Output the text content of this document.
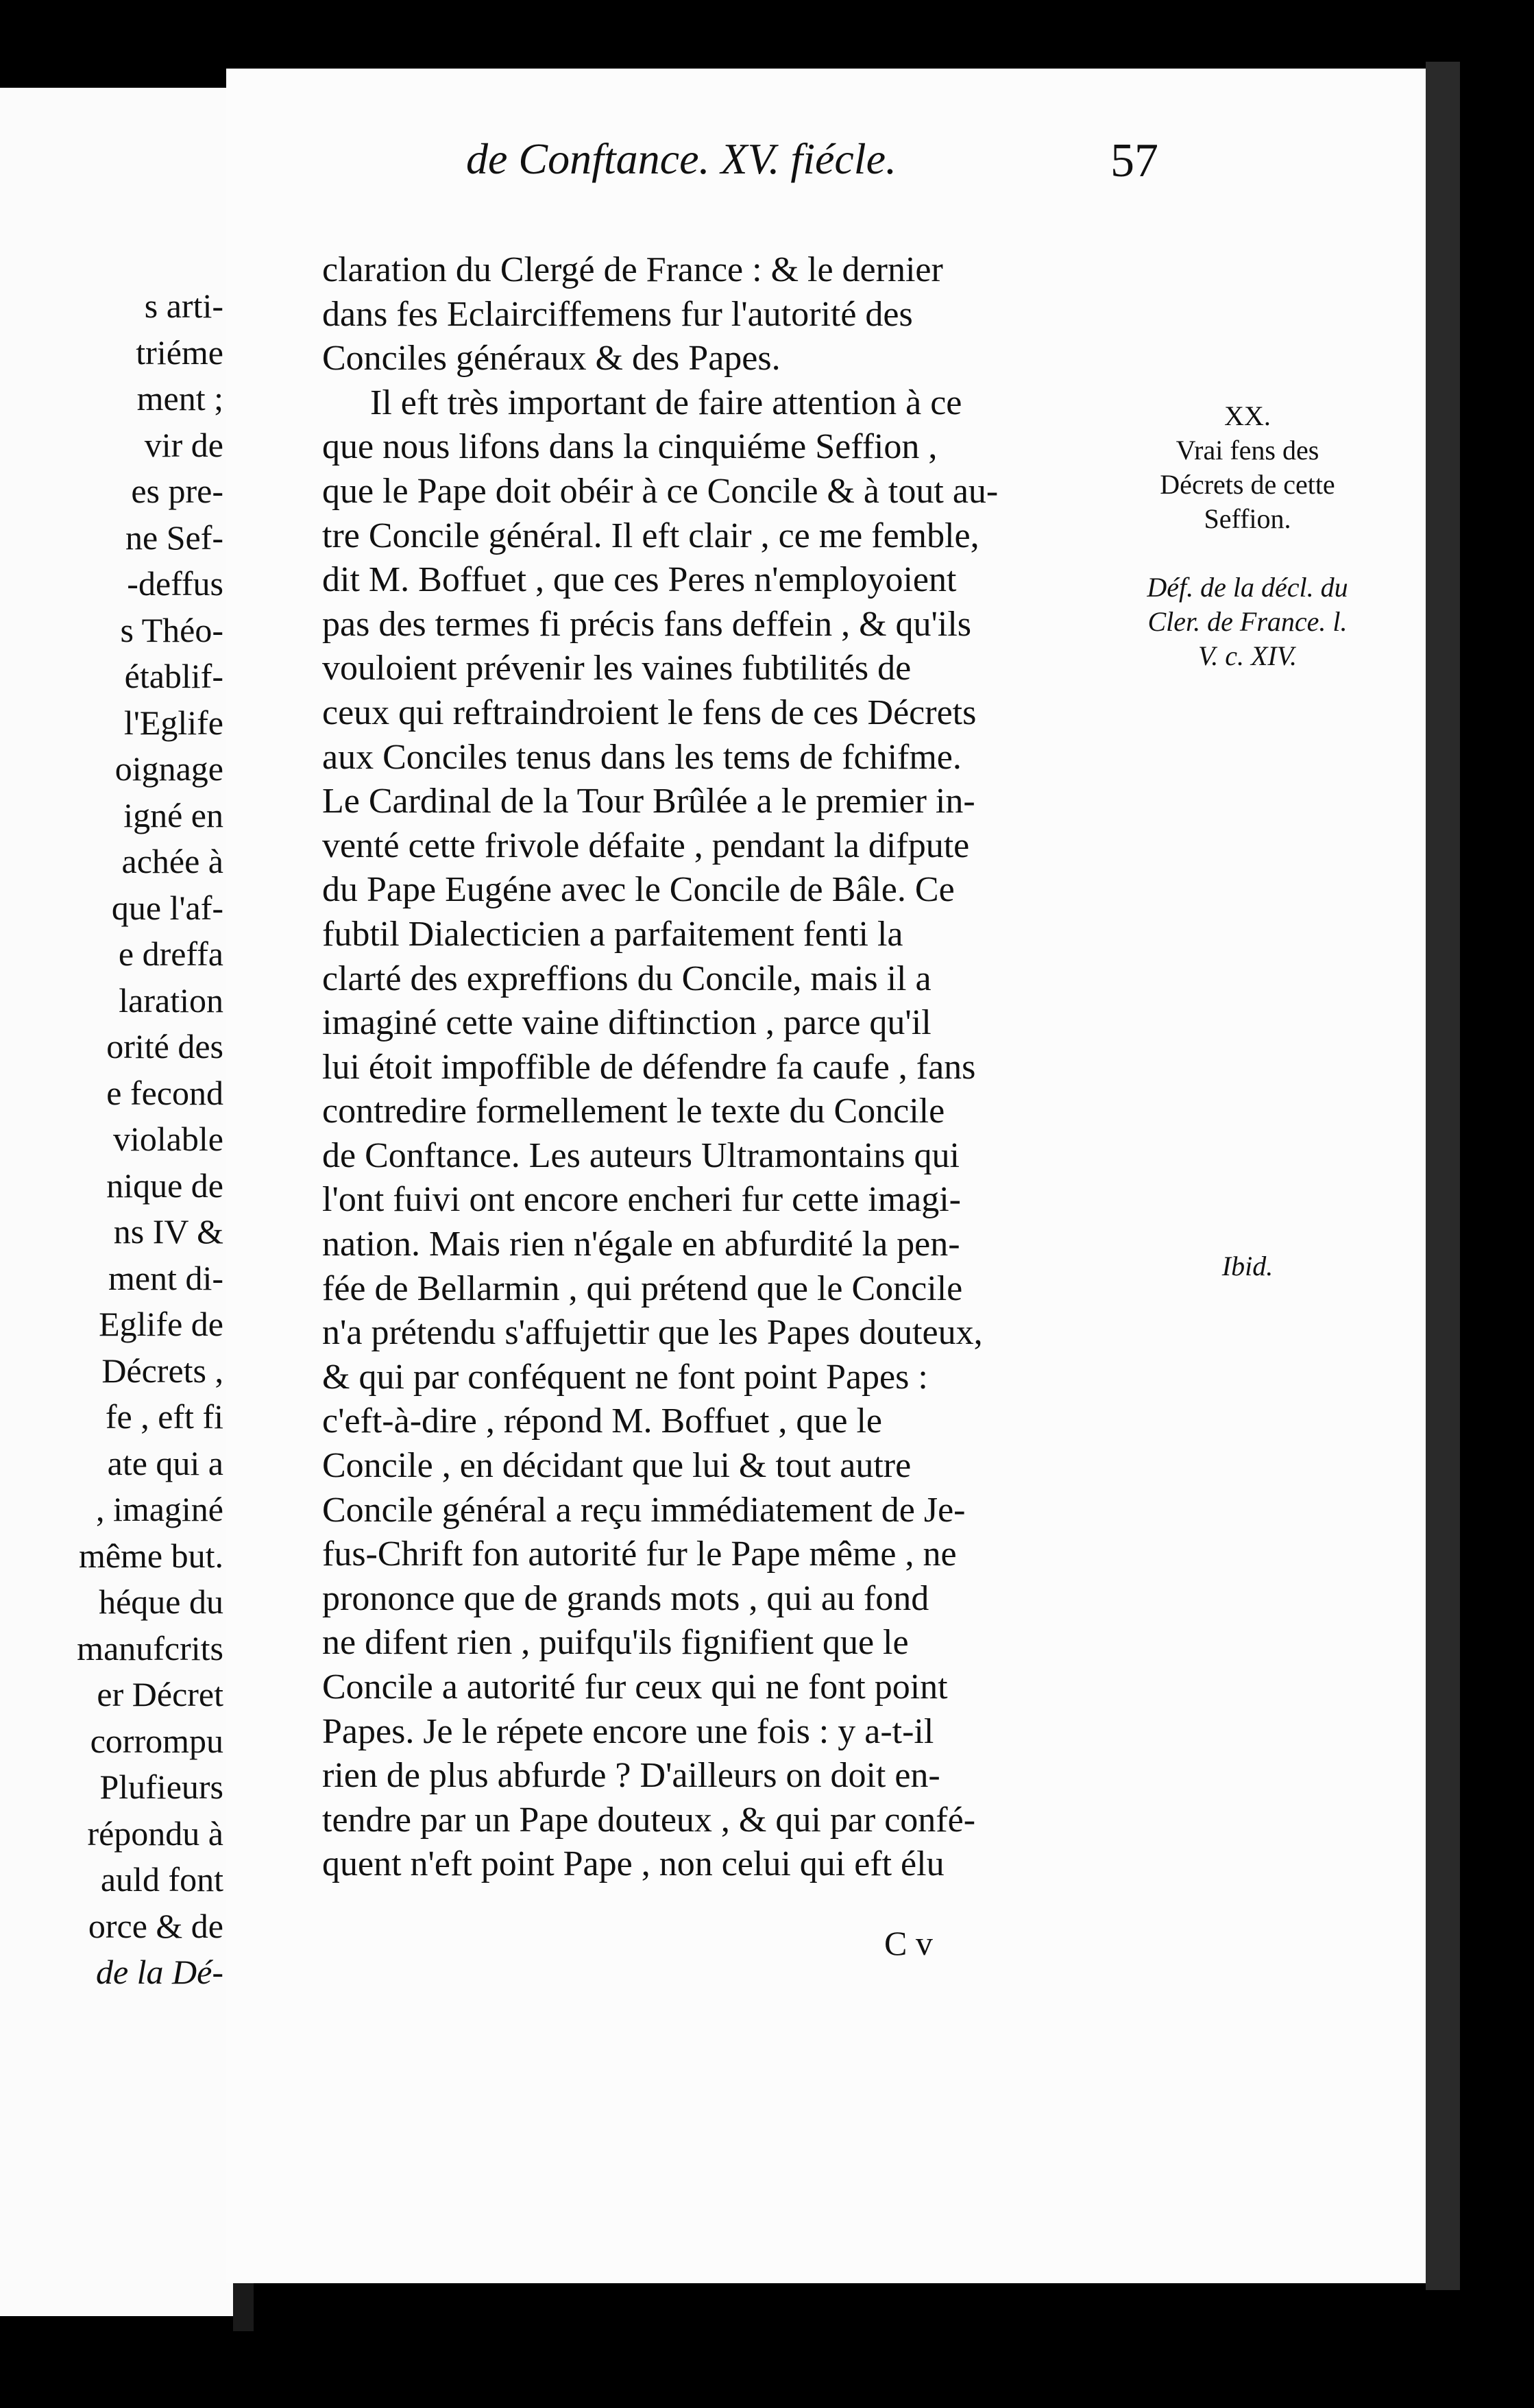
s arti-
triéme
ment ;
vir de
es pre-
ne Sef-
-deffus
s Théo-
établif-
l'Eglife
oignage
igné en
achée à
que l'af-
e dreffa
laration
orité des
e fecond
violable
nique de
ns IV &
ment di-
Eglife de
Décrets ,
fe , eft fi
ate qui a
, imaginé
même but.
héque du
manufcrits
er Décret
corrompu
Plufieurs
répondu à
auld font
orce & de
de la Dé-
de Conftance. XV. fiécle.	57
claration du Clergé de France : & le dernier
dans fes Eclairciffemens fur l'autorité des
Conciles généraux & des Papes.
Il eft très important de faire attention à ce
que nous lifons dans la cinquiéme Seffion ,
que le Pape doit obéir à ce Concile & à tout au-
tre Concile général. Il eft clair , ce me femble,
dit M. Boffuet , que ces Peres n'employoient
pas des termes fi précis fans deffein , & qu'ils
vouloient prévenir les vaines fubtilités de
ceux qui reftraindroient le fens de ces Décrets
aux Conciles tenus dans les tems de fchifme.
Le Cardinal de la Tour Brûlée a le premier in-
venté cette frivole défaite , pendant la difpute
du Pape Eugéne avec le Concile de Bâle. Ce
fubtil Dialecticien a parfaitement fenti la
clarté des expreffions du Concile, mais il a
imaginé cette vaine diftinction , parce qu'il
lui étoit impoffible de défendre fa caufe , fans
contredire formellement le texte du Concile
de Conftance. Les auteurs Ultramontains qui
l'ont fuivi ont encore encheri fur cette imagi-
nation. Mais rien n'égale en abfurdité la pen-
fée de Bellarmin , qui prétend que le Concile
n'a prétendu s'affujettir que les Papes douteux,
& qui par conféquent ne font point Papes :
c'eft-à-dire , répond M. Boffuet , que le
Concile , en décidant que lui & tout autre
Concile général a reçu immédiatement de Je-
fus-Chrift fon autorité fur le Pape même , ne
prononce que de grands mots , qui au fond
ne difent rien , puifqu'ils fignifient que le
Concile a autorité fur ceux qui ne font point
Papes. Je le répete encore une fois : y a-t-il
rien de plus abfurde ? D'ailleurs on doit en-
tendre par un Pape douteux , & qui par confé-
quent n'eft point Pape , non celui qui eft élu
XX.
Vrai fens des Décrets de cette Seffion.
Déf. de la décl. du Cler. de France. l. V. c. XIV.
Ibid.
C v
